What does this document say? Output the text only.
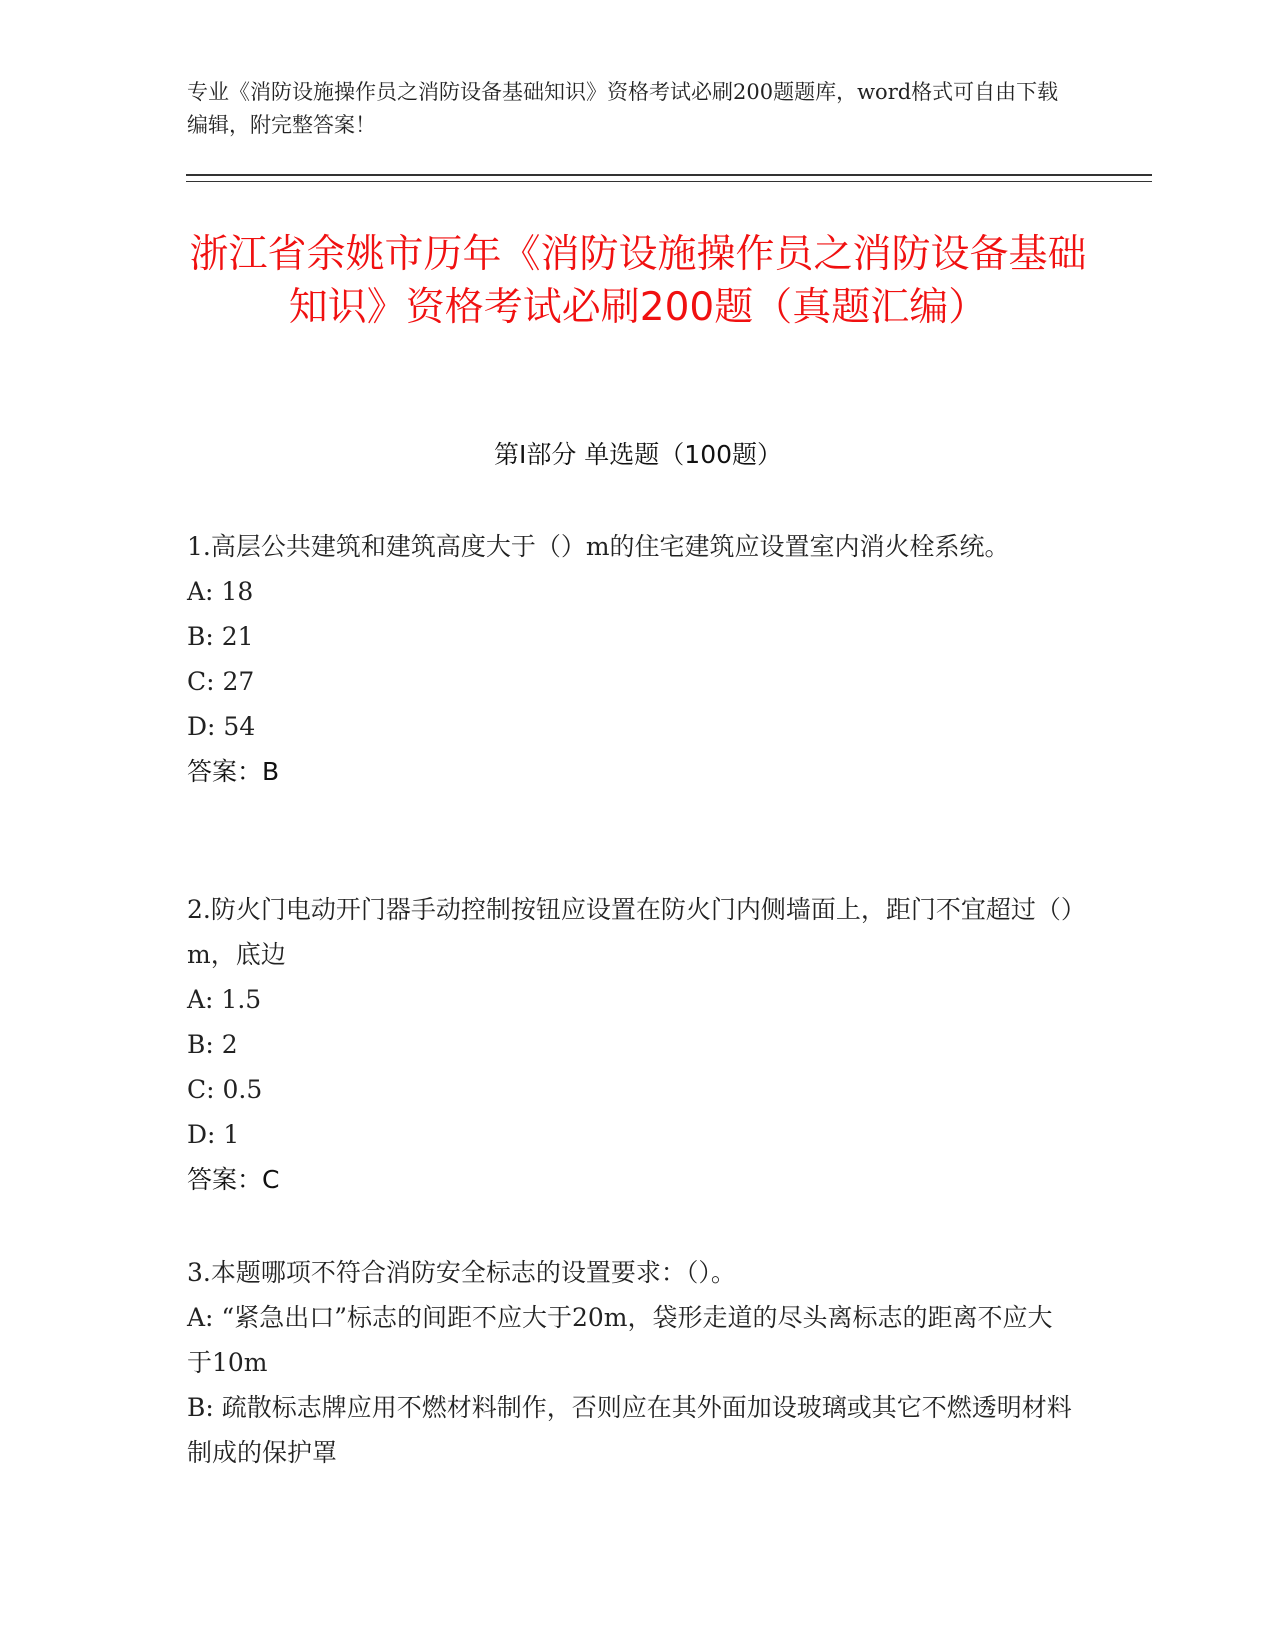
专业《消防设施操作员之消防设备基础知识》资格考试必刷200题题库，word格式可自由下载编辑，附完整答案！

浙江省余姚市历年《消防设施操作员之消防设备基础知识》资格考试必刷200题（真题汇编）
第Ⅰ部分 单选题（100题）

1.高层公共建筑和建筑高度大于（）m的住宅建筑应设置室内消火栓系统。

A: 18

B: 21

C: 27

D: 54

答案：B

2.防火门电动开门器手动控制按钮应设置在防火门内侧墙面上，距门不宜超过（）m，底边

A: 1.5

B: 2

C: 0.5

D: 1

答案：C

3.本题哪项不符合消防安全标志的设置要求：（）。

A: “紧急出口”标志的间距不应大于20m，袋形走道的尽头离标志的距离不应大于10m

B: 疏散标志牌应用不燃材料制作，否则应在其外面加设玻璃或其它不燃透明材料制成的保护罩
